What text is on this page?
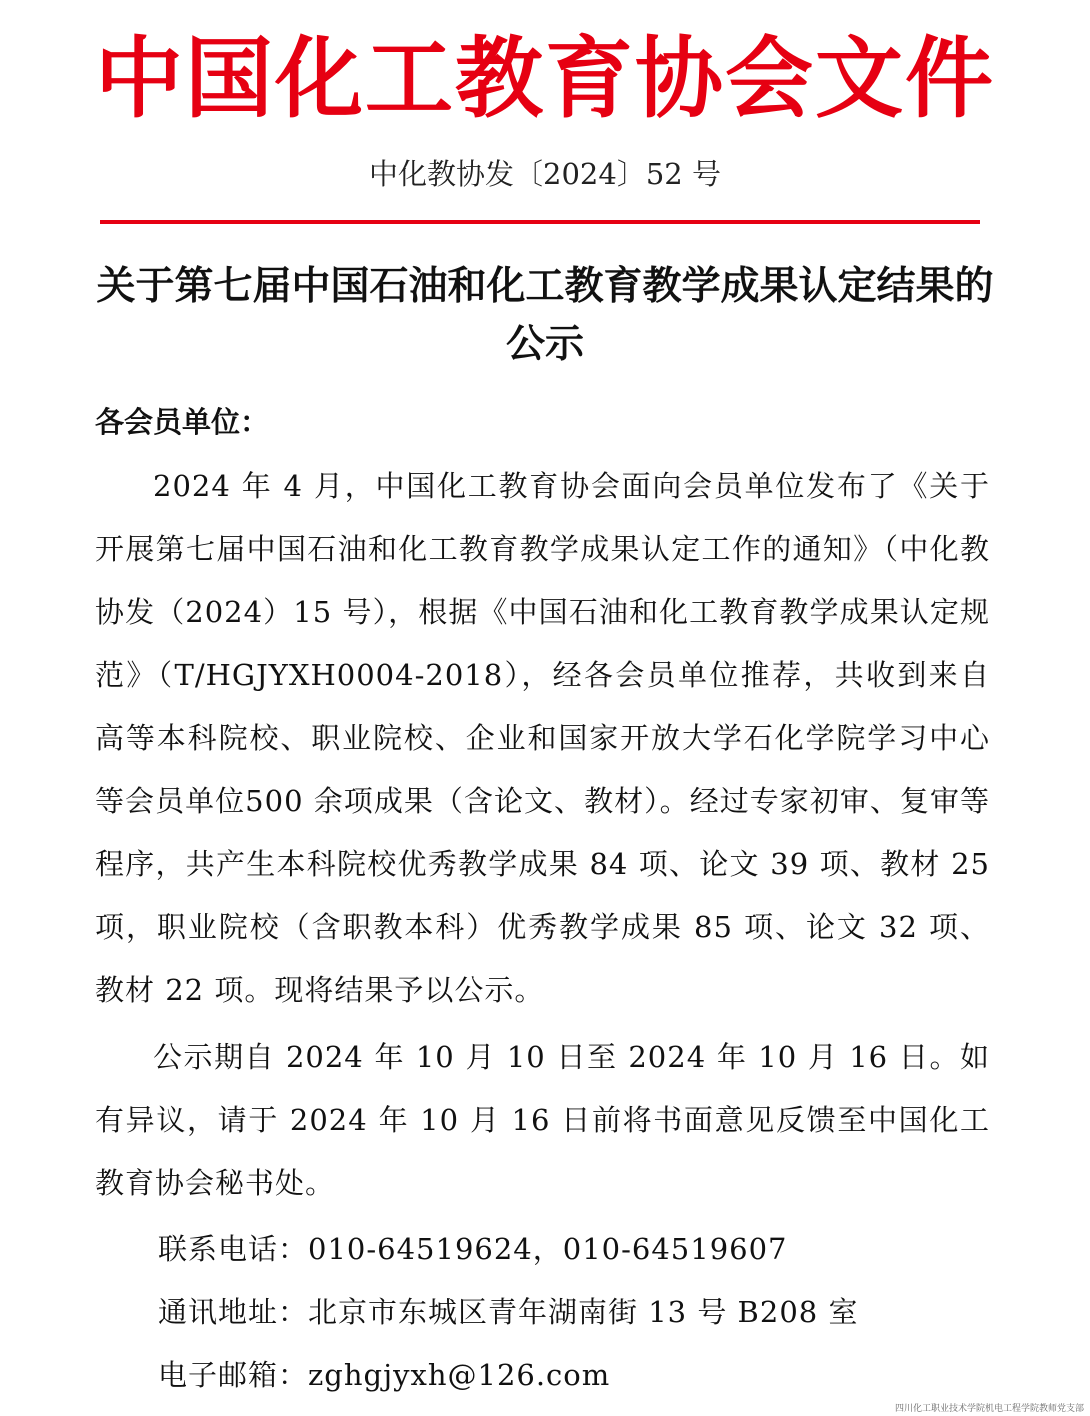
中国化工教育协会文件
中化教协发〔2024〕52 号
关于第七届中国石油和化工教育教学成果认定结果的公示
各会员单位：

2024 年 4 月，中国化工教育协会面向会员单位发布了《关于开展第七届中国石油和化工教育教学成果认定工作的通知》（中化教协发（2024）15 号），根据《中国石油和化工教育教学成果认定规范》（T/HGJYXH0004-2018），经各会员单位推荐，共收到来自高等本科院校、职业院校、企业和国家开放大学石化学院学习中心等会员单位500 余项成果（含论文、教材）。经过专家初审、复审等程序，共产生本科院校优秀教学成果 84 项、论文 39 项、教材 25 项，职业院校（含职教本科）优秀教学成果 85 项、论文 32 项、教材 22 项。现将结果予以公示。

公示期自 2024 年 10 月 10 日至 2024 年 10 月 16 日。如有异议，请于 2024 年 10 月 16 日前将书面意见反馈至中国化工教育协会秘书处。

联系电话：010-64519624，010-64519607
通讯地址：北京市东城区青年湖南街 13 号 B208 室
电子邮箱：zghgjyxh@126.com
四川化工职业技术学院机电工程学院教师党支部
